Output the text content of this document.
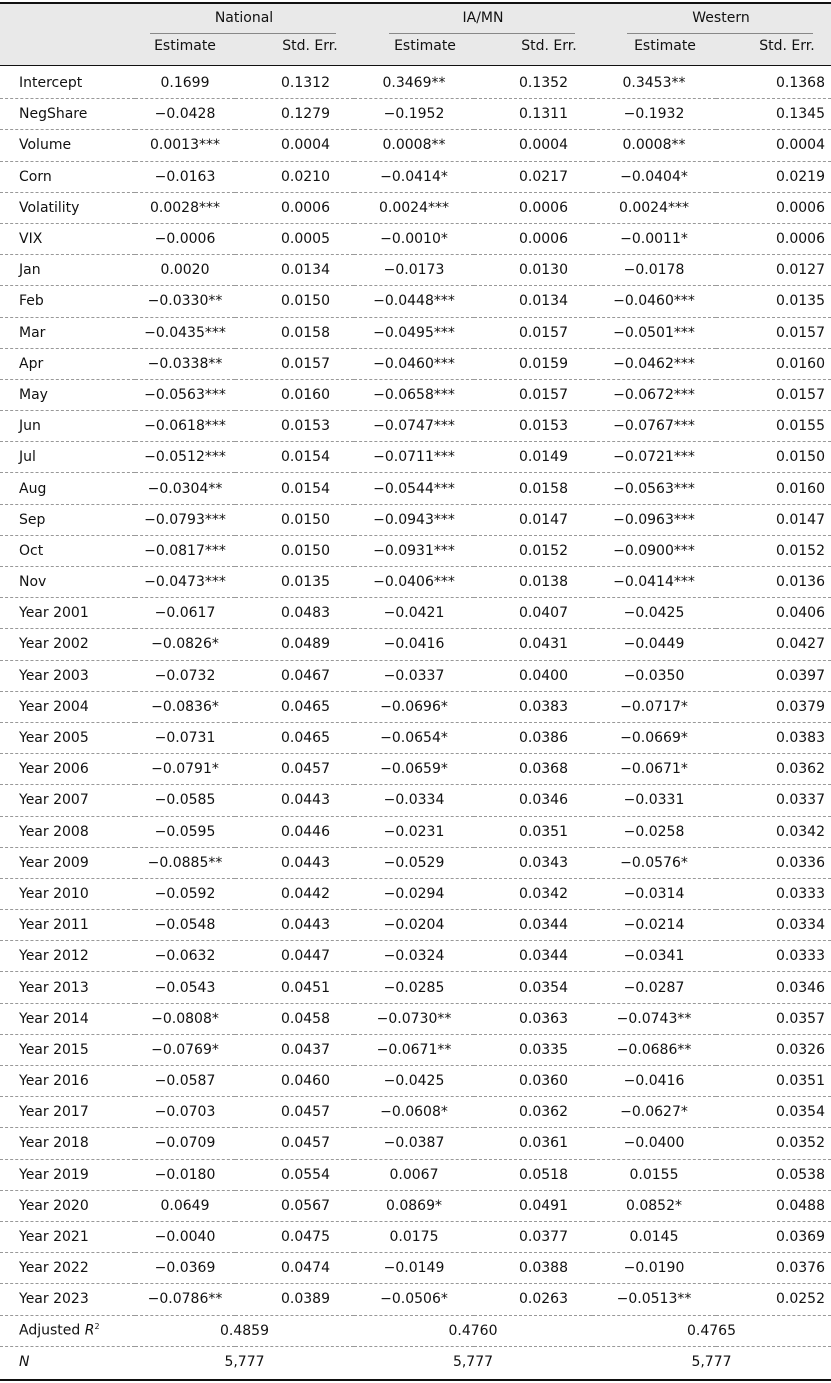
National	IA/MN	Western
Estimate	Std. Err.	Estimate	Std. Err.	Estimate	Std. Err.
Intercept	0.1699	0.1312	0.3469**	0.1352	0.3453**	0.1368
NegShare	−0.0428	0.1279	−0.1952	0.1311	−0.1932	0.1345
Volume	0.0013***	0.0004	0.0008**	0.0004	0.0008**	0.0004
Corn	−0.0163	0.0210	−0.0414*	0.0217	−0.0404*	0.0219
Volatility	0.0028***	0.0006	0.0024***	0.0006	0.0024***	0.0006
VIX	−0.0006	0.0005	−0.0010*	0.0006	−0.0011*	0.0006
Jan	0.0020	0.0134	−0.0173	0.0130	−0.0178	0.0127
Feb	−0.0330**	0.0150	−0.0448***	0.0134	−0.0460***	0.0135
Mar	−0.0435***	0.0158	−0.0495***	0.0157	−0.0501***	0.0157
Apr	−0.0338**	0.0157	−0.0460***	0.0159	−0.0462***	0.0160
May	−0.0563***	0.0160	−0.0658***	0.0157	−0.0672***	0.0157
Jun	−0.0618***	0.0153	−0.0747***	0.0153	−0.0767***	0.0155
Jul	−0.0512***	0.0154	−0.0711***	0.0149	−0.0721***	0.0150
Aug	−0.0304**	0.0154	−0.0544***	0.0158	−0.0563***	0.0160
Sep	−0.0793***	0.0150	−0.0943***	0.0147	−0.0963***	0.0147
Oct	−0.0817***	0.0150	−0.0931***	0.0152	−0.0900***	0.0152
Nov	−0.0473***	0.0135	−0.0406***	0.0138	−0.0414***	0.0136
Year 2001	−0.0617	0.0483	−0.0421	0.0407	−0.0425	0.0406
Year 2002	−0.0826*	0.0489	−0.0416	0.0431	−0.0449	0.0427
Year 2003	−0.0732	0.0467	−0.0337	0.0400	−0.0350	0.0397
Year 2004	−0.0836*	0.0465	−0.0696*	0.0383	−0.0717*	0.0379
Year 2005	−0.0731	0.0465	−0.0654*	0.0386	−0.0669*	0.0383
Year 2006	−0.0791*	0.0457	−0.0659*	0.0368	−0.0671*	0.0362
Year 2007	−0.0585	0.0443	−0.0334	0.0346	−0.0331	0.0337
Year 2008	−0.0595	0.0446	−0.0231	0.0351	−0.0258	0.0342
Year 2009	−0.0885**	0.0443	−0.0529	0.0343	−0.0576*	0.0336
Year 2010	−0.0592	0.0442	−0.0294	0.0342	−0.0314	0.0333
Year 2011	−0.0548	0.0443	−0.0204	0.0344	−0.0214	0.0334
Year 2012	−0.0632	0.0447	−0.0324	0.0344	−0.0341	0.0333
Year 2013	−0.0543	0.0451	−0.0285	0.0354	−0.0287	0.0346
Year 2014	−0.0808*	0.0458	−0.0730**	0.0363	−0.0743**	0.0357
Year 2015	−0.0769*	0.0437	−0.0671**	0.0335	−0.0686**	0.0326
Year 2016	−0.0587	0.0460	−0.0425	0.0360	−0.0416	0.0351
Year 2017	−0.0703	0.0457	−0.0608*	0.0362	−0.0627*	0.0354
Year 2018	−0.0709	0.0457	−0.0387	0.0361	−0.0400	0.0352
Year 2019	−0.0180	0.0554	0.0067	0.0518	0.0155	0.0538
Year 2020	0.0649	0.0567	0.0869*	0.0491	0.0852*	0.0488
Year 2021	−0.0040	0.0475	0.0175	0.0377	0.0145	0.0369
Year 2022	−0.0369	0.0474	−0.0149	0.0388	−0.0190	0.0376
Year 2023	−0.0786**	0.0389	−0.0506*	0.0263	−0.0513**	0.0252
Adjusted $R^2$	0.4859		0.4760		0.4765	
N	5,777		5,777		5,777	
